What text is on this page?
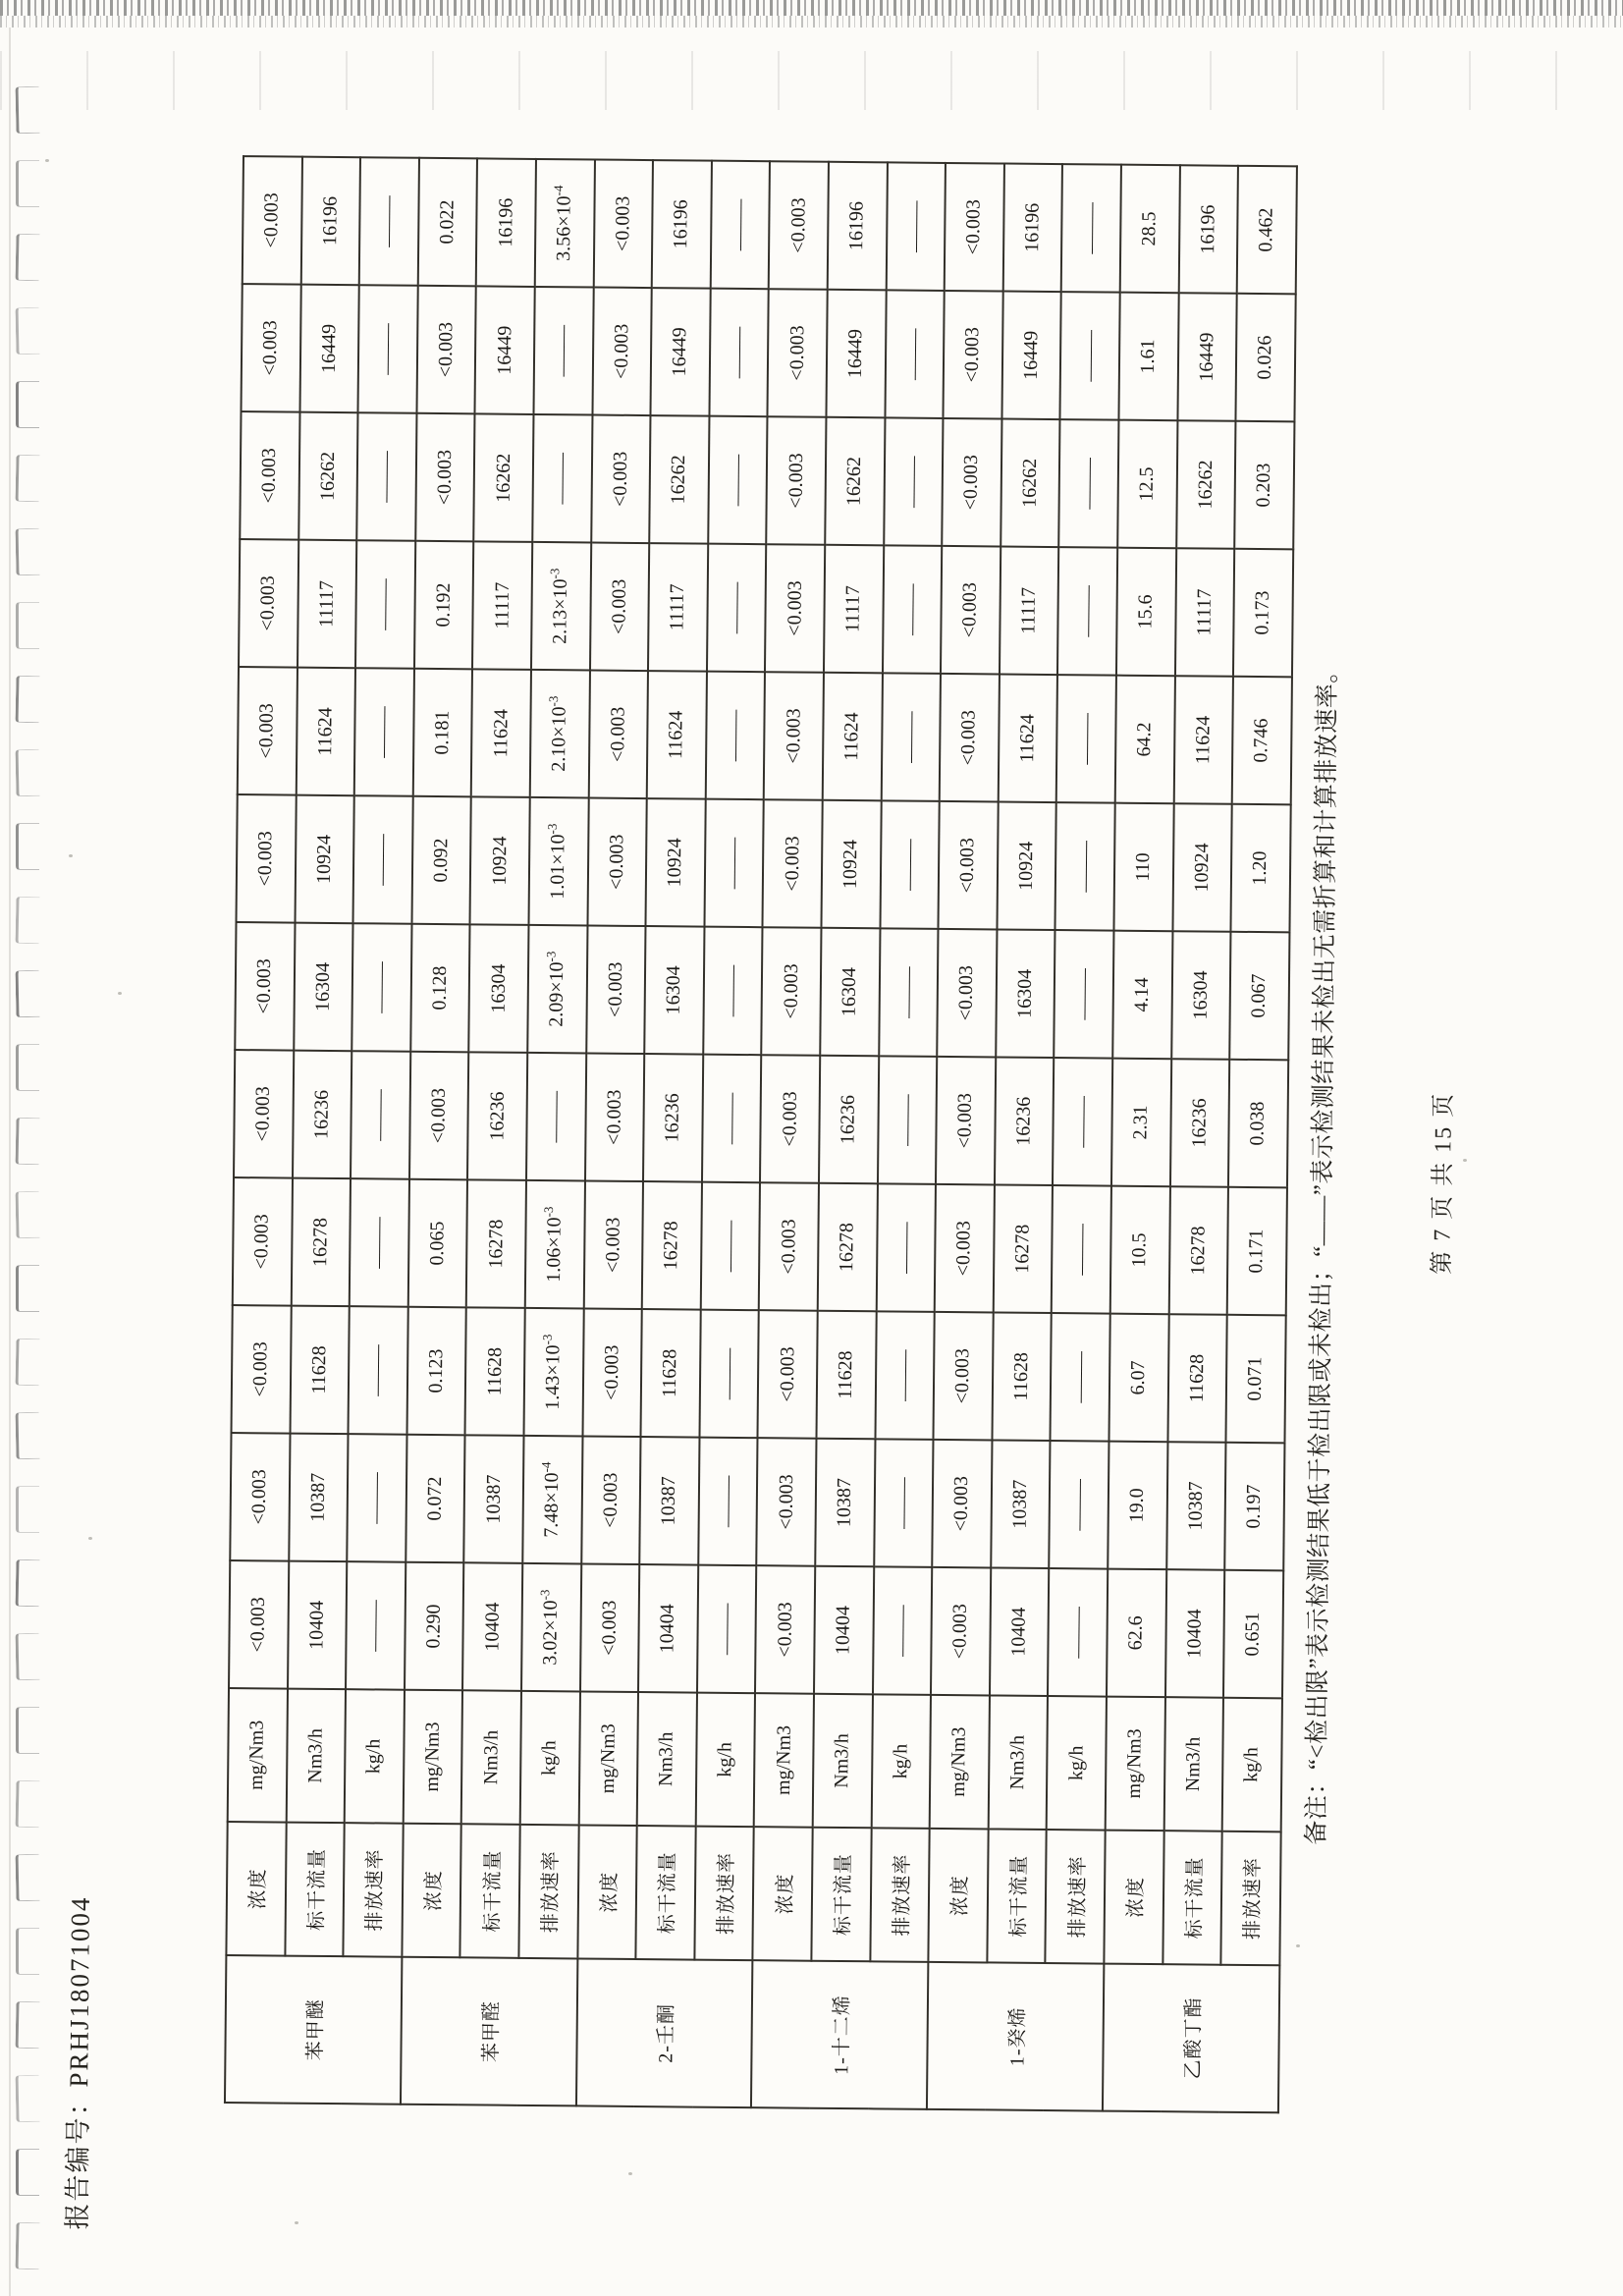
报告编号：PRHJ18071004	苯甲醚	浓度	mg/Nm3	<0.003	<0.003	<0.003	<0.003	<0.003	<0.003	<0.003	<0.003	<0.003	<0.003	<0.003	<0.003
	标干流量	Nm3/h	10404	10387	11628	16278	16236	16304	10924	11624	11117	16262	16449	16196
	排放速率	kg/h	—	—	—	—	—	—	—	—	—	—	—	—
苯甲醛	浓度	mg/Nm3	0.290	0.072	0.123	0.065	<0.003	0.128	0.092	0.181	0.192	<0.003	<0.003	0.022
	标干流量	Nm3/h	10404	10387	11628	16278	16236	16304	10924	11624	11117	16262	16449	16196
	排放速率	kg/h	$3.02\times 10^{-3}$	$7.48\times 10^{-4}$	$1.43\times 10^{-3}$	$1.06\times 10^{-3}$	—	$2.09\times 10^{-3}$	$1.01\times 10^{-3}$	$2.10\times 10^{-3}$	$2.13\times 10^{-3}$	—	—	$3.56\times 10^{-4}$
2-壬酮	浓度	mg/Nm3	<0.003	<0.003	<0.003	<0.003	<0.003	<0.003	<0.003	<0.003	<0.003	<0.003	<0.003	<0.003
	标干流量	Nm3/h	10404	10387	11628	16278	16236	16304	10924	11624	11117	16262	16449	16196
	排放速率	kg/h	—	—	—	—	—	—	—	—	—	—	—	—
1-十二烯	浓度	mg/Nm3	<0.003	<0.003	<0.003	<0.003	<0.003	<0.003	<0.003	<0.003	<0.003	<0.003	<0.003	<0.003
	标干流量	Nm3/h	10404	10387	11628	16278	16236	16304	10924	11624	11117	16262	16449	16196
	排放速率	kg/h	—	—	—	—	—	—	—	—	—	—	—	—
1-癸烯	浓度	mg/Nm3	<0.003	<0.003	<0.003	<0.003	<0.003	<0.003	<0.003	<0.003	<0.003	<0.003	<0.003	<0.003
	标干流量	Nm3/h	10404	10387	11628	16278	16236	16304	10924	11624	11117	16262	16449	16196
	排放速率	kg/h	—	—	—	—	—	—	—	—	—	—	—	—
乙酸丁酯	浓度	mg/Nm3	62.6	19.0	6.07	10.5	2.31	4.14	110	64.2	15.6	12.5	1.61	28.5
	标干流量	Nm3/h	10404	10387	11628	16278	16236	16304	10924	11624	11117	16262	16449	16196
	排放速率	kg/h	0.651	0.197	0.071	0.171	0.038	0.067	1.20	0.746	0.173	0.203	0.026	0.462
备注：“<检出限”表示检测结果低于检出限或未检出；“——”表示检测结果未检出无需折算和计算排放速率。	第 7 页 共 15 页
